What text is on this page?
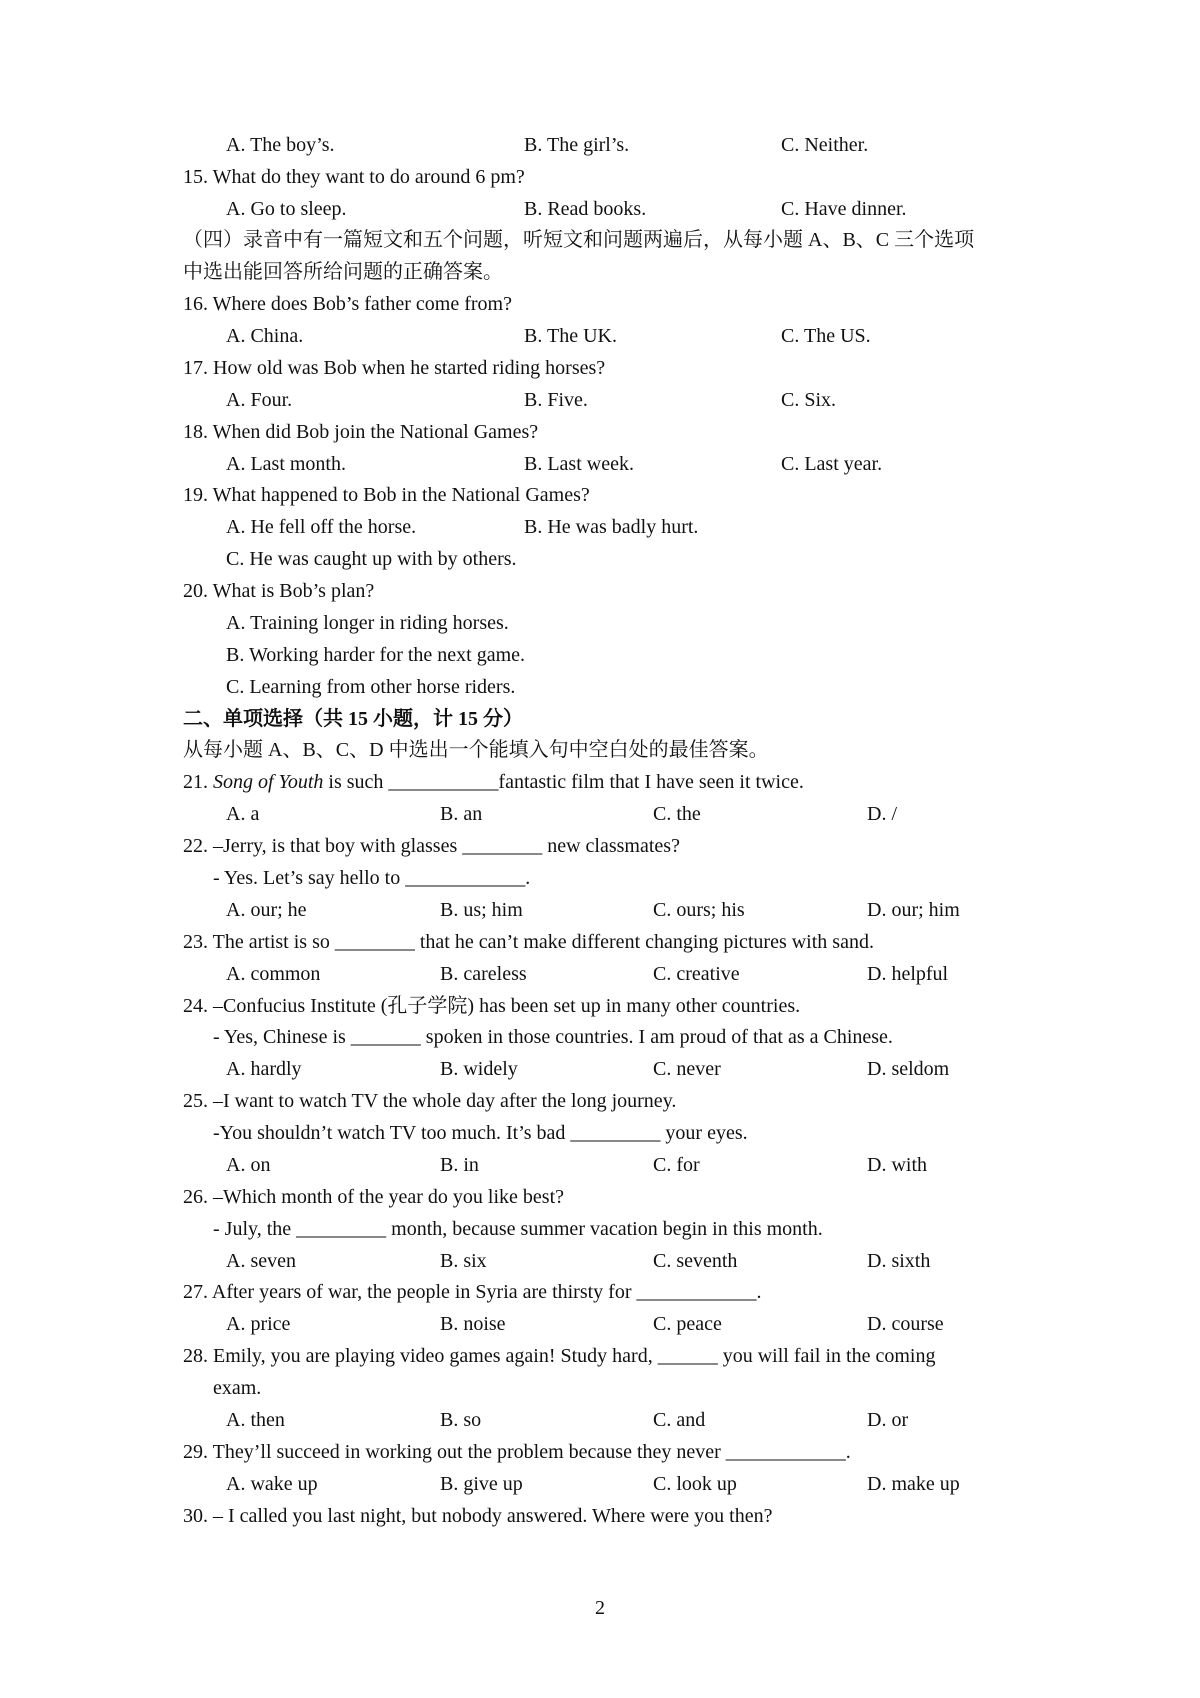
A. The boy’s.	B. The girl’s.	C. Neither.
15. What do they want to do around 6 pm?
A. Go to sleep.	B. Read books.	C. Have dinner.
（四）录音中有一篇短文和五个问题，听短文和问题两遍后，从每小题 A、B、C 三个选项
中选出能回答所给问题的正确答案。
16. Where does Bob’s father come from?
A. China.	B. The UK.	C. The US.
17. How old was Bob when he started riding horses?
A. Four.	B. Five.	C. Six.
18. When did Bob join the National Games?
A. Last month.	B. Last week.	C. Last year.
19. What happened to Bob in the National Games?
A. He fell off the horse.	B. He was badly hurt.
C. He was caught up with by others.
20. What is Bob’s plan?
A. Training longer in riding horses.
B. Working harder for the next game.
C. Learning from other horse riders.
二、单项选择（共 15 小题，计 15 分）
从每小题 A、B、C、D 中选出一个能填入句中空白处的最佳答案。
21. Song of Youth is such ___________fantastic film that I have seen it twice.
A. a	B. an	C. the	D. /
22. –Jerry, is that boy with glasses ________ new classmates?
- Yes. Let’s say hello to ____________.
A. our; he	B. us; him	C. ours; his	D. our; him
23. The artist is so ________ that he can’t make different changing pictures with sand.
A. common	B. careless	C. creative	D. helpful
24. –Confucius Institute (孔子学院) has been set up in many other countries.
- Yes, Chinese is _______ spoken in those countries. I am proud of that as a Chinese.
A. hardly	B. widely	C. never	D. seldom
25. –I want to watch TV the whole day after the long journey.
-You shouldn’t watch TV too much. It’s bad _________ your eyes.
A. on	B. in	C. for	D. with
26. –Which month of the year do you like best?
- July, the _________ month, because summer vacation begin in this month.
A. seven	B. six	C. seventh	D. sixth
27. After years of war, the people in Syria are thirsty for ____________.
A. price	B. noise	C. peace	D. course
28. Emily, you are playing video games again! Study hard, ______ you will fail in the coming
exam.
A. then	B. so	C. and	D. or
29. They’ll succeed in working out the problem because they never ____________.
A. wake up	B. give up	C. look up	D. make up
30. – I called you last night, but nobody answered. Where were you then?
2
